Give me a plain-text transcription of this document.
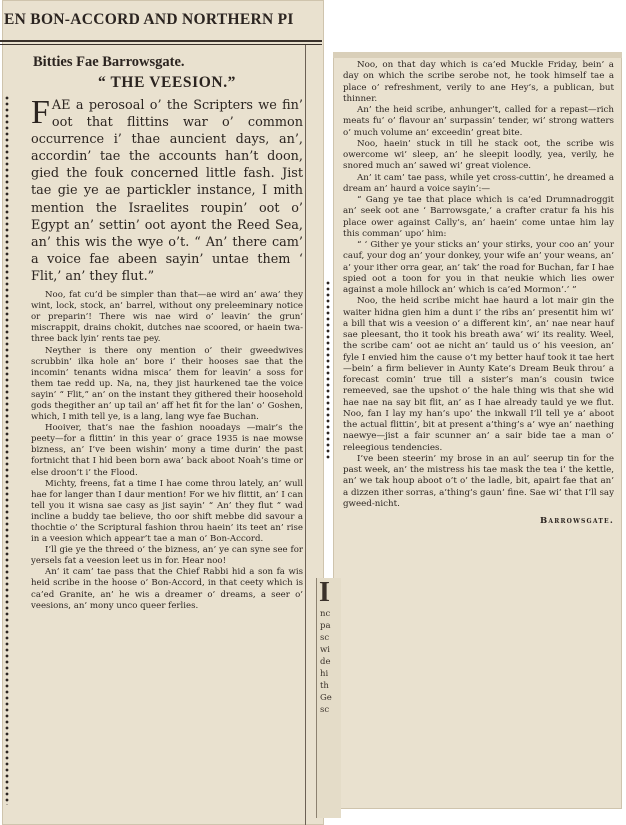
EN BON-ACCORD AND NORTHERN PI
Bitties Fae Barrowsgate.
“ THE VEESION.”

FAE a perosoal o’ the Scripters we fin’ oot that flittins war o’ common occurrence i’ thae auncient days, an’, accordin’ tae the accounts han’t doon, gied the fouk concerned little fash. Jist tae gie ye ae partickler instance, I mith mention the Israelites roupin’ oot o’ Egypt an’ settin’ oot ayont the Reed Sea, an’ this wis the wye o’t. “ An’ there cam’ a voice fae abeen sayin’ untae them ‘ Flit,’ an’ they flut.”

Noo, fat cu’d be simpler than that—ae wird an’ awa’ they wint, lock, stock, an’ barrel, without ony preleeminary notice or preparin’! There wis nae wird o’ leavin’ the grun’ miscrappit, drains chokit, dutches nae scoored, or haein twa-three back lyin’ rents tae pey.

Neyther is there ony mention o’ their gweedwives scrubbin’ ilka hole an’ bore i’ their hooses sae that the incomin’ tenants widna misca’ them for leavin’ a soss for them tae redd up. Na, na, they jist haurkened tae the voice sayin’ “ Flit,” an’ on the instant they githered their hoosehold gods thegither an’ up tail an’ aff het fit for the lan’ o’ Goshen, which, I mith tell ye, is a lang, lang wye fae Buchan.

Hooiver, that’s nae the fashion nooadays —mair’s the peety—for a flittin’ in this year o’ grace 1935 is nae mowse bizness, an’ I’ve been wishin’ mony a time durin’ the past fortnicht that I hid been born awa’ back aboot Noah’s time or else droon’t i’ the Flood.

Michty, freens, fat a time I hae come throu lately, an’ wull hae for langer than I daur mention! For we hiv flittit, an’ I can tell you it wisna sae casy as jist sayin’ “ An’ they flut ” wad incline a buddy tae believe, tho oor shift mebbe did savour a thochtie o’ the Scriptural fashion throu haein’ its teet an’ rise in a veesion which appear’t tae a man o’ Bon-Accord.

I’ll gie ye the threed o’ the bizness, an’ ye can syne see for yersels fat a veesion leet us in for. Hear noo!

An’ it cam’ tae pass that the Chief Rabbi hid a son fa wis heid scribe in the hoose o’ Bon-Accord, in that ceety which is ca’ed Granite, an’ he wis a dreamer o’ dreams, a seer o’ veesions, an’ mony unco queer ferlies.	I
nc
pa
sc
wi
de
hi
th
Ge
sc

Noo, on that day which is ca’ed Muckle Friday, bein’ a day on which the scribe serobe not, he took himself tae a place o’ refreshment, verily to ane Hey’s, a publican, but thinner.

An’ the heid scribe, anhunger’t, called for a repast—rich meats fu’ o’ flavour an’ surpassin’ tender, wi’ strong watters o’ much volume an’ exceedin’ great bite.

Noo, haein’ stuck in till he stack oot, the scribe wis owercome wi’ sleep, an’ he sleepit loodly, yea, verily, he snored much an’ sawed wi’ great violence.

An’ it cam’ tae pass, while yet cross-cuttin’, he dreamed a dream an’ haurd a voice sayin’:—

“ Gang ye tae that place which is ca’ed Drumnadroggit an’ seek oot ane ‘ Barrowsgate,’ a crafter cratur fa his his place ower against Cally’s, an’ haein’ come untae him lay this comman’ upo’ him:

“ ‘ Gither ye your sticks an’ your stirks, your coo an’ your cauf, your dog an’ your donkey, your wife an’ your weans, an’ a’ your ither orra gear, an’ tak’ the road for Buchan, far I hae spied oot a toon for you in that neukie which lies ower against a mole hillock an’ which is ca’ed Mormon’.’ ”

Noo, the heid scribe micht hae haurd a lot mair gin the waiter hidna gien him a dunt i’ the ribs an’ presentit him wi’ a bill that wis a veesion o’ a different kin’, an’ nae near hauf sae pleesant, tho it took his breath awa’ wi’ its reality. Weel, the scribe cam’ oot ae nicht an’ tauld us o’ his veesion, an’ fyle I envied him the cause o’t my better hauf took it tae hert—bein’ a firm believer in Aunty Kate’s Dream Beuk throu’ a forecast comin’ true till a sister’s man’s cousin twice remeeved, sae the upshot o’ the hale thing wis that she wid hae nae na say bit flit, an’ as I hae already tauld ye we flut. Noo, fan I lay my han’s upo’ the inkwall I’ll tell ye a’ aboot the actual flittin’, bit at present a’thing’s a’ wye an’ naething naewye—jist a fair scunner an’ a sair bide tae a man o’ releegious tendencies.

I’ve been steerin’ my brose in an aul’ seerup tin for the past week, an’ the mistress his tae mask the tea i’ the kettle, an’ we tak houp aboot o’t o’ the ladle, bit, apairt fae that an’ a dizzen ither sorras, a’thing’s gaun’ fine. Sae wi’ that I’ll say gweed-nicht.

Barrowsgate.
